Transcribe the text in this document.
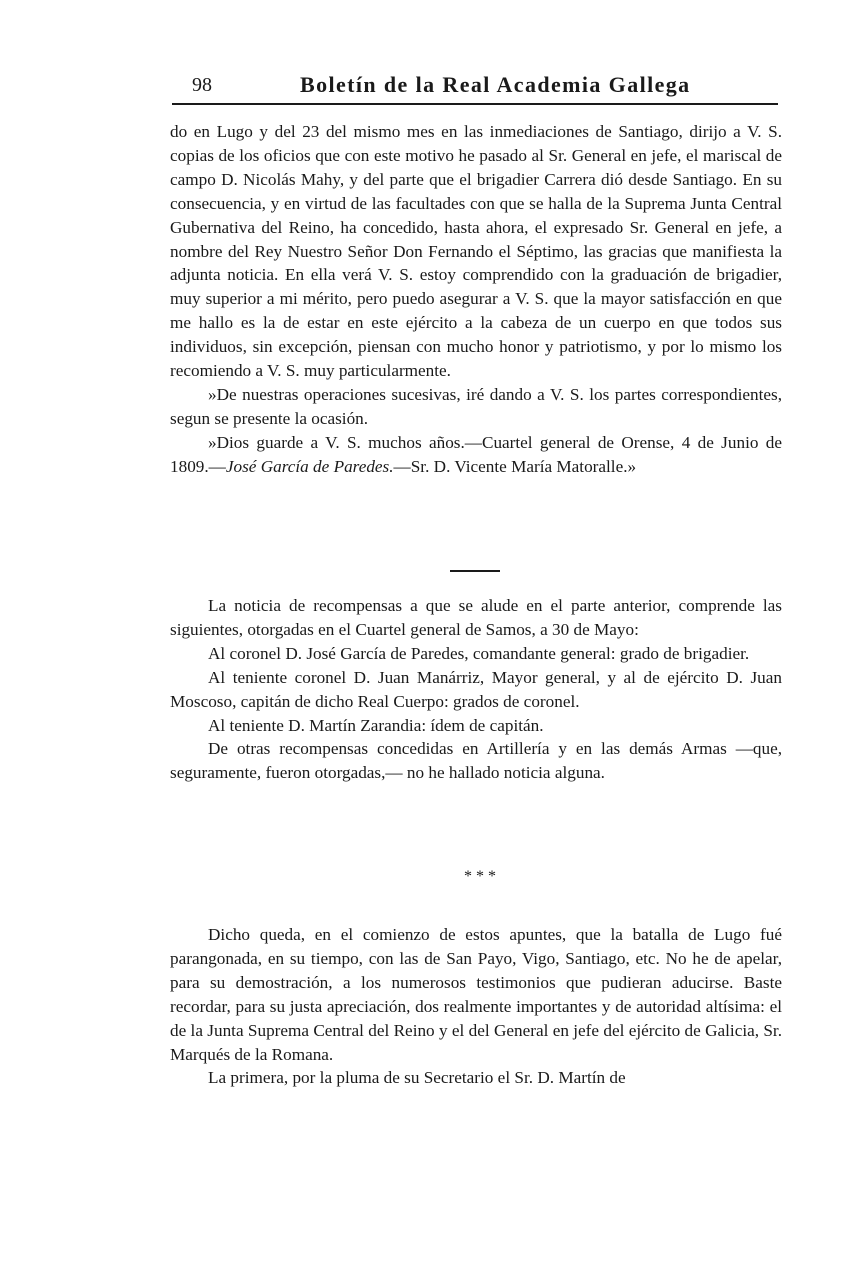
98	Boletín de la Real Academia Gallega

do en Lugo y del 23 del mismo mes en las inmediaciones de Santiago, dirijo a V. S. copias de los oficios que con este motivo he pasado al Sr. General en jefe, el mariscal de campo D. Nicolás Mahy, y del parte que el brigadier Carrera dió desde Santiago. En su consecuencia, y en virtud de las facultades con que se halla de la Suprema Junta Central Gubernativa del Reino, ha concedido, hasta ahora, el expresado Sr. General en jefe, a nombre del Rey Nuestro Señor Don Fernando el Séptimo, las gracias que manifiesta la adjunta noticia. En ella verá V. S. estoy comprendido con la graduación de brigadier, muy superior a mi mérito, pero puedo asegurar a V. S. que la mayor satisfacción en que me hallo es la de estar en este ejército a la cabeza de un cuerpo en que todos sus individuos, sin excepción, piensan con mucho honor y patriotismo, y por lo mismo los recomiendo a V. S. muy particularmente.

»De nuestras operaciones sucesivas, iré dando a V. S. los partes correspondientes, segun se presente la ocasión.

»Dios guarde a V. S. muchos años.—Cuartel general de Orense, 4 de Junio de 1809.—José García de Paredes.—Sr. D. Vicente María Matoralle.»

La noticia de recompensas a que se alude en el parte anterior, comprende las siguientes, otorgadas en el Cuartel general de Samos, a 30 de Mayo:

Al coronel D. José García de Paredes, comandante general: grado de brigadier.

Al teniente coronel D. Juan Manárriz, Mayor general, y al de ejército D. Juan Moscoso, capitán de dicho Real Cuerpo: grados de coronel.

Al teniente D. Martín Zarandia: ídem de capitán.

De otras recompensas concedidas en Artillería y en las demás Armas —que, seguramente, fueron otorgadas,— no he hallado noticia alguna.

* * *

Dicho queda, en el comienzo de estos apuntes, que la batalla de Lugo fué parangonada, en su tiempo, con las de San Payo, Vigo, Santiago, etc. No he de apelar, para su demostración, a los numerosos testimonios que pudieran aducirse. Baste recordar, para su justa apreciación, dos realmente importantes y de autoridad altísima: el de la Junta Suprema Central del Reino y el del General en jefe del ejército de Galicia, Sr. Marqués de la Romana.

La primera, por la pluma de su Secretario el Sr. D. Martín de
